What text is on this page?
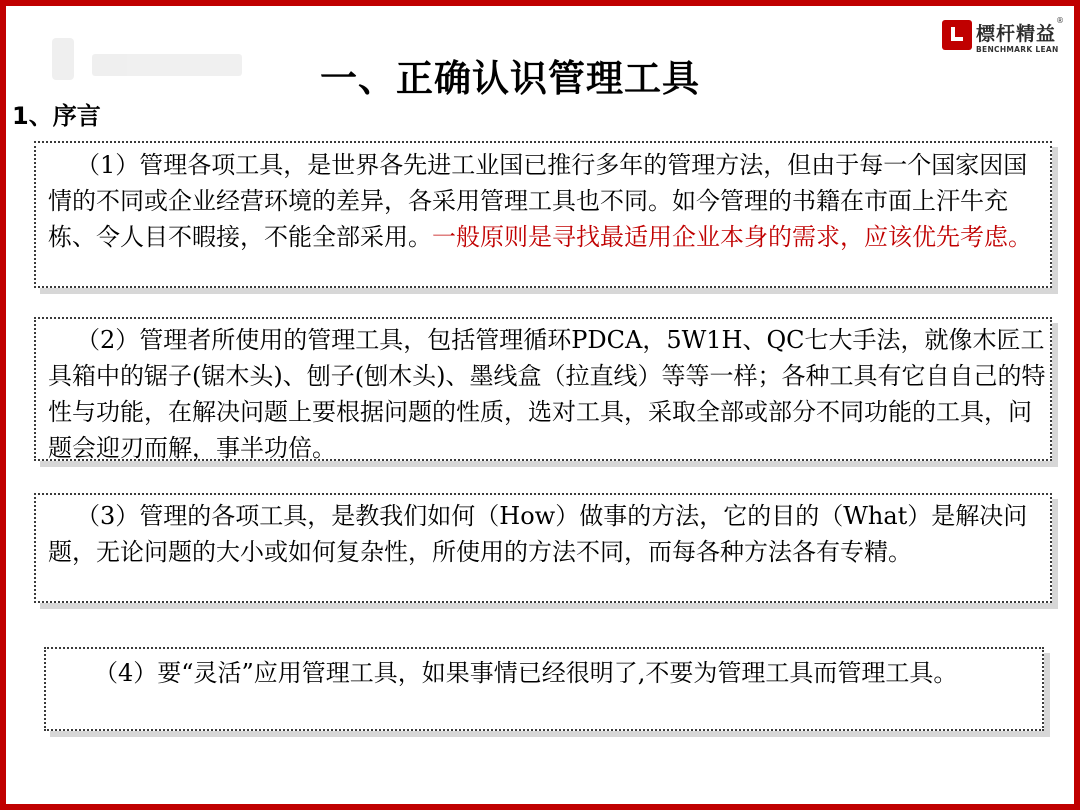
標杆精益
®
BENCHMARK LEAN
一、正确认识管理工具
1、序言

（1）管理各项工具，是世界各先进工业国已推行多年的管理方法，但由于每一个国家因国情的不同或企业经营环境的差异，各采用管理工具也不同。如今管理的书籍在市面上汗牛充栋、令人目不暇接，不能全部采用。一般原则是寻找最适用企业本身的需求，应该优先考虑。

（2）管理者所使用的管理工具，包括管理循环PDCA，5W1H、QC七大手法，就像木匠工具箱中的锯子(锯木头)、刨子(刨木头)、墨线盒（拉直线）等等一样；各种工具有它自自己的特性与功能，在解决问题上要根据问题的性质，选对工具，采取全部或部分不同功能的工具，问题会迎刃而解，事半功倍。

（3）管理的各项工具，是教我们如何（How）做事的方法，它的目的（What）是解决问题，无论问题的大小或如何复杂性，所使用的方法不同，而每各种方法各有专精。

（4）要“灵活”应用管理工具，如果事情已经很明了,不要为管理工具而管理工具。
